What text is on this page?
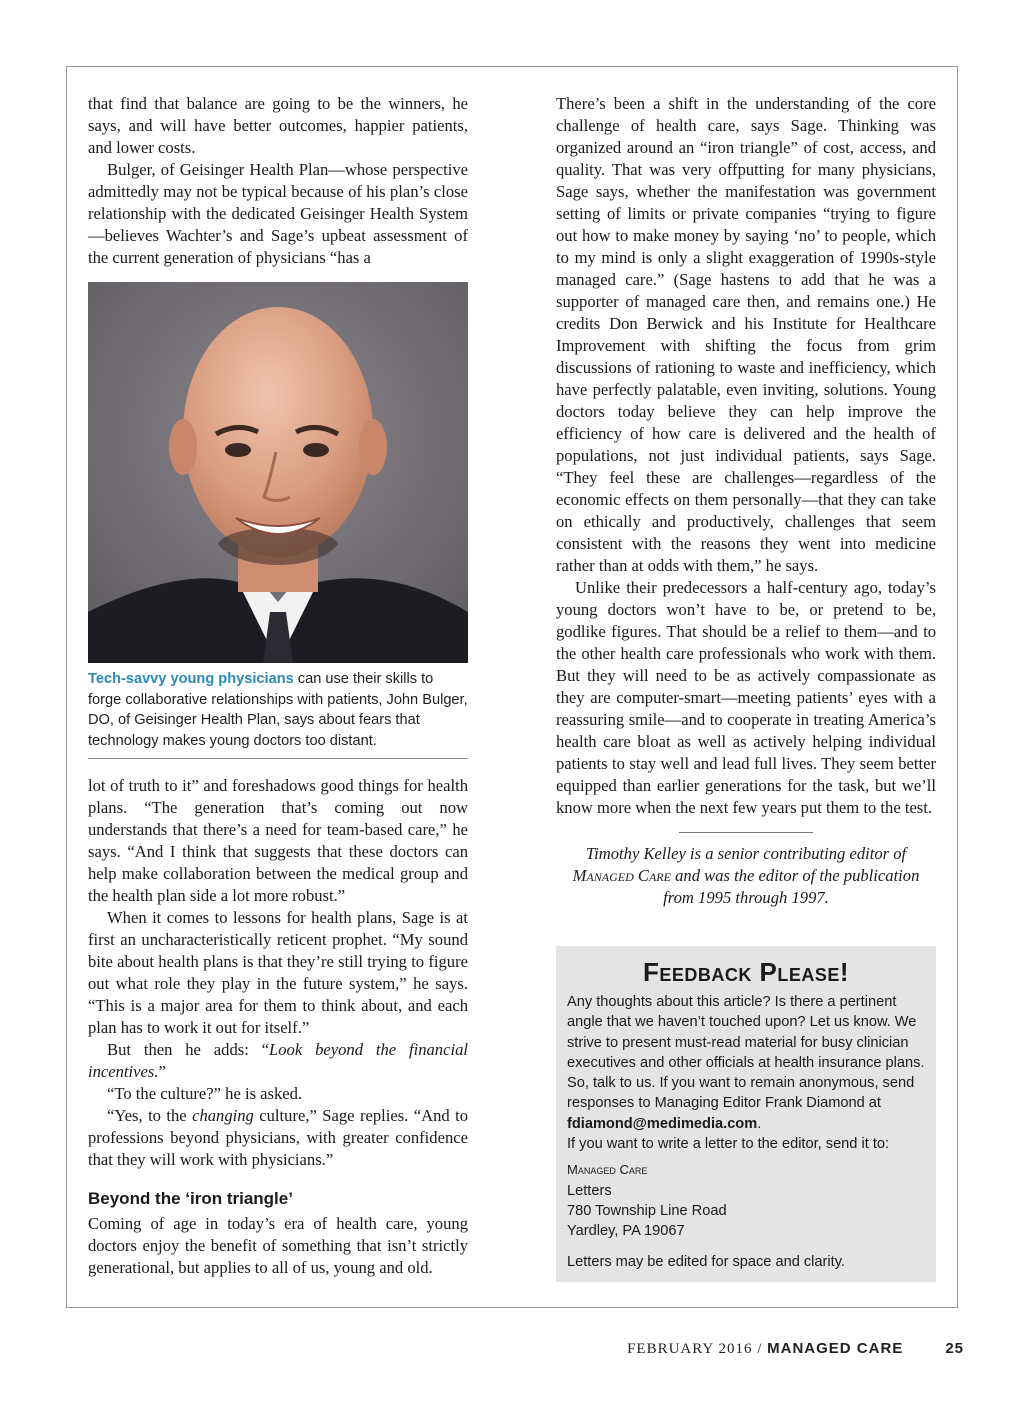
that find that balance are going to be the winners, he says, and will have better outcomes, happier patients, and lower costs.

Bulger, of Geisinger Health Plan—whose perspective admittedly may not be typical because of his plan’s close relationship with the dedicated Geisinger Health System—believes Wachter’s and Sage’s upbeat assessment of the current generation of physicians “has a

Tech-savvy young physicians can use their skills to forge collaborative relationships with patients, John Bulger, DO, of Geisinger Health Plan, says about fears that technology makes young doctors too distant.

lot of truth to it” and foreshadows good things for health plans. “The generation that’s coming out now understands that there’s a need for team-based care,” he says. “And I think that suggests that these doctors can help make collaboration between the medical group and the health plan side a lot more robust.”

When it comes to lessons for health plans, Sage is at first an uncharacteristically reticent prophet. “My sound bite about health plans is that they’re still trying to figure out what role they play in the future system,” he says. “This is a major area for them to think about, and each plan has to work it out for itself.”

But then he adds: “Look beyond the financial incentives.”

“To the culture?” he is asked.

“Yes, to the changing culture,” Sage replies. “And to professions beyond physicians, with greater confidence that they will work with physicians.”

Beyond the ‘iron triangle’

Coming of age in today’s era of health care, young doctors enjoy the benefit of something that isn’t strictly generational, but applies to all of us, young and old.

There’s been a shift in the understanding of the core challenge of health care, says Sage. Thinking was organized around an “iron triangle” of cost, access, and quality. That was very offputting for many physicians, Sage says, whether the manifestation was government setting of limits or private companies “trying to figure out how to make money by saying ‘no’ to people, which to my mind is only a slight exaggeration of 1990s-style managed care.” (Sage hastens to add that he was a supporter of managed care then, and remains one.) He credits Don Berwick and his Institute for Healthcare Improvement with shifting the focus from grim discussions of rationing to waste and inefficiency, which have perfectly palatable, even inviting, solutions. Young doctors today believe they can help improve the efficiency of how care is delivered and the health of populations, not just individual patients, says Sage. “They feel these are challenges—regardless of the economic effects on them personally—that they can take on ethically and productively, challenges that seem consistent with the reasons they went into medicine rather than at odds with them,” he says.

Unlike their predecessors a half-century ago, today’s young doctors won’t have to be, or pretend to be, godlike figures. That should be a relief to them—and to the other health care professionals who work with them. But they will need to be as actively compassionate as they are computer-smart—meeting patients’ eyes with a reassuring smile—and to cooperate in treating America’s health care bloat as well as actively helping individual patients to stay well and lead full lives. They seem better equipped than earlier generations for the task, but we’ll know more when the next few years put them to the test.

Timothy Kelley is a senior contributing editor of Managed Care and was the editor of the publication from 1995 through 1997.
Feedback Please!

Any thoughts about this article? Is there a pertinent angle that we haven’t touched upon? Let us know. We strive to present must-read material for busy clinician executives and other officials at health insurance plans. So, talk to us. If you want to remain anonymous, send responses to Managing Editor Frank Diamond at fdiamond@medimedia.com.

If you want to write a letter to the editor, send it to:

Managed Care
Letters
780 Township Line Road
Yardley, PA 19067

Letters may be edited for space and clarity.

FEBRUARY 2016 / MANAGED CARE	25
